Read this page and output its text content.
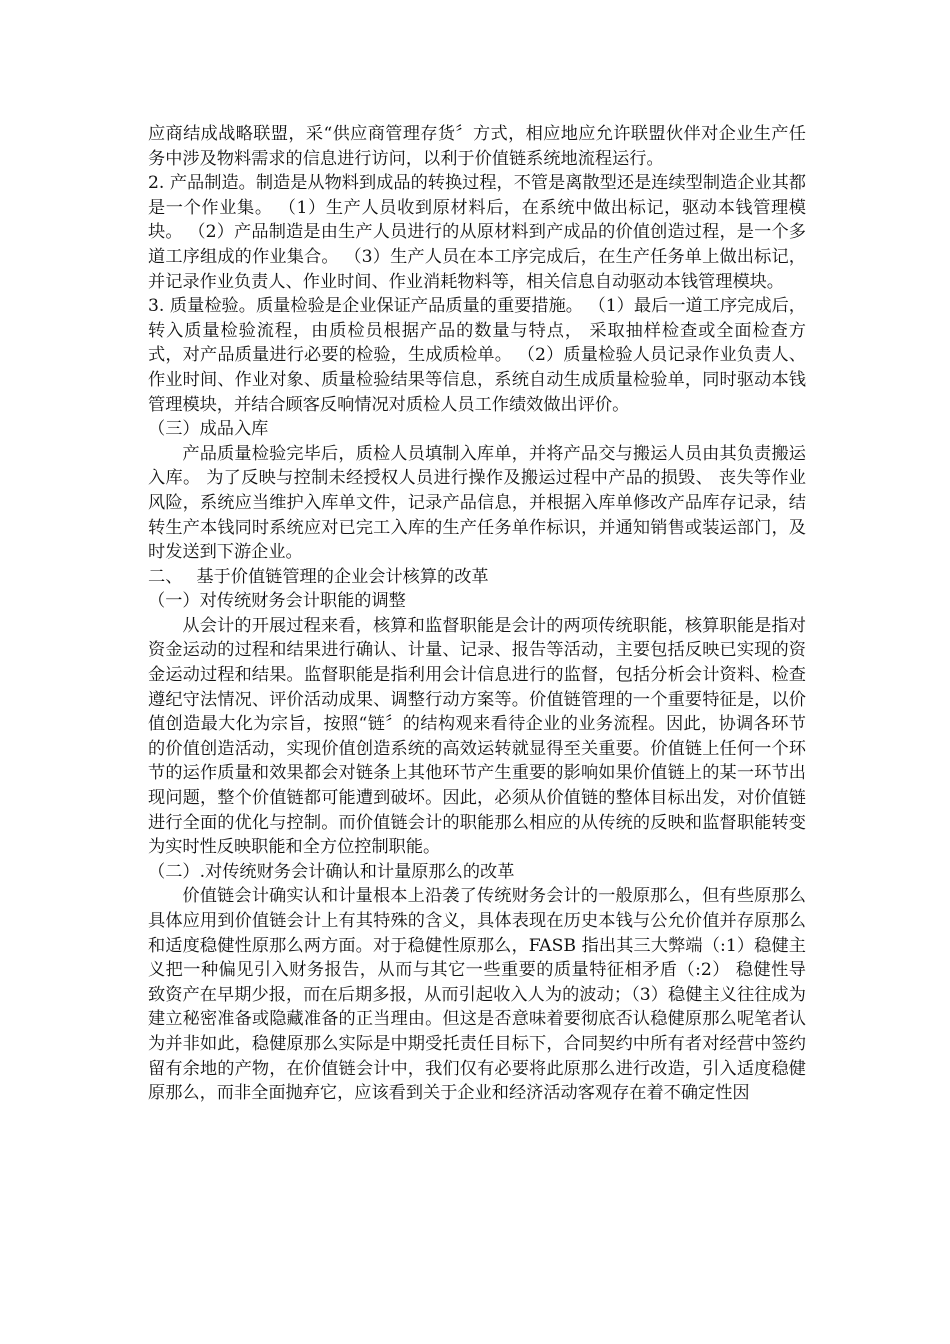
应商结成战略联盟，采“供应商管理存货〞方式，相应地应允许联盟伙伴对企业生产任务中涉及物料需求的信息进行访问，以利于价值链系统地流程运行。

2. 产品制造。制造是从物料到成品的转换过程，不管是离散型还是连续型制造企业其都是一个作业集。 （1）生产人员收到原材料后，在系统中做出标记，驱动本钱管理模块。 （2）产品制造是由生产人员进行的从原材料到产成品的价值创造过程，是一个多道工序组成的作业集合。 （3）生产人员在本工序完成后，在生产任务单上做出标记，并记录作业负责人、作业时间、作业消耗物料等，相关信息自动驱动本钱管理模块。

3. 质量检验。质量检验是企业保证产品质量的重要措施。 （1）最后一道工序完成后，转入质量检验流程，由质检员根据产品的数量与特点， 采取抽样检查或全面检查方式，对产品质量进行必要的检验，生成质检单。 （2）质量检验人员记录作业负责人、作业时间、作业对象、质量检验结果等信息，系统自动生成质量检验单，同时驱动本钱管理模块，并结合顾客反响情况对质检人员工作绩效做出评价。

（三）成品入库

产品质量检验完毕后，质检人员填制入库单，并将产品交与搬运人员由其负责搬运入库。 为了反映与控制未经授权人员进行操作及搬运过程中产品的损毁、 丧失等作业风险，系统应当维护入库单文件，记录产品信息，并根据入库单修改产品库存记录，结转生产本钱同时系统应对已完工入库的生产任务单作标识，并通知销售或装运部门，及时发送到下游企业。

二、　 基于价值链管理的企业会计核算的改革

（一）对传统财务会计职能的调整

从会计的开展过程来看，核算和监督职能是会计的两项传统职能，核算职能是指对资金运动的过程和结果进行确认、计量、记录、报告等活动，主要包括反映已实现的资金运动过程和结果。监督职能是指利用会计信息进行的监督，包括分析会计资料、检查遵纪守法情况、评价活动成果、调整行动方案等。价值链管理的一个重要特征是，以价值创造最大化为宗旨，按照“链〞的结构观来看待企业的业务流程。因此，协调各环节的价值创造活动，实现价值创造系统的高效运转就显得至关重要。价值链上任何一个环节的运作质量和效果都会对链条上其他环节产生重要的影响如果价值链上的某一环节出现问题，整个价值链都可能遭到破坏。因此，必须从价值链的整体目标出发，对价值链进行全面的优化与控制。而价值链会计的职能那么相应的从传统的反映和监督职能转变为实时性反映职能和全方位控制职能。

（二）.对传统财务会计确认和计量原那么的改革

价值链会计确实认和计量根本上沿袭了传统财务会计的一般原那么，但有些原那么具体应用到价值链会计上有其特殊的含义，具体表现在历史本钱与公允价值并存原那么和适度稳健性原那么两方面。对于稳健性原那么，FASB 指出其三大弊端（:1）稳健主义把一种偏见引入财务报告，从而与其它一些重要的质量特征相矛盾（:2） 稳健性导致资产在早期少报，而在后期多报，从而引起收入人为的波动；（3）稳健主义往往成为建立秘密准备或隐藏准备的正当理由。但这是否意味着要彻底否认稳健原那么呢笔者认为并非如此，稳健原那么实际是中期受托责任目标下，合同契约中所有者对经营中签约留有余地的产物，在价值链会计中，我们仅有必要将此原那么进行改造，引入适度稳健原那么，而非全面抛弃它，应该看到关于企业和经济活动客观存在着不确定性因
